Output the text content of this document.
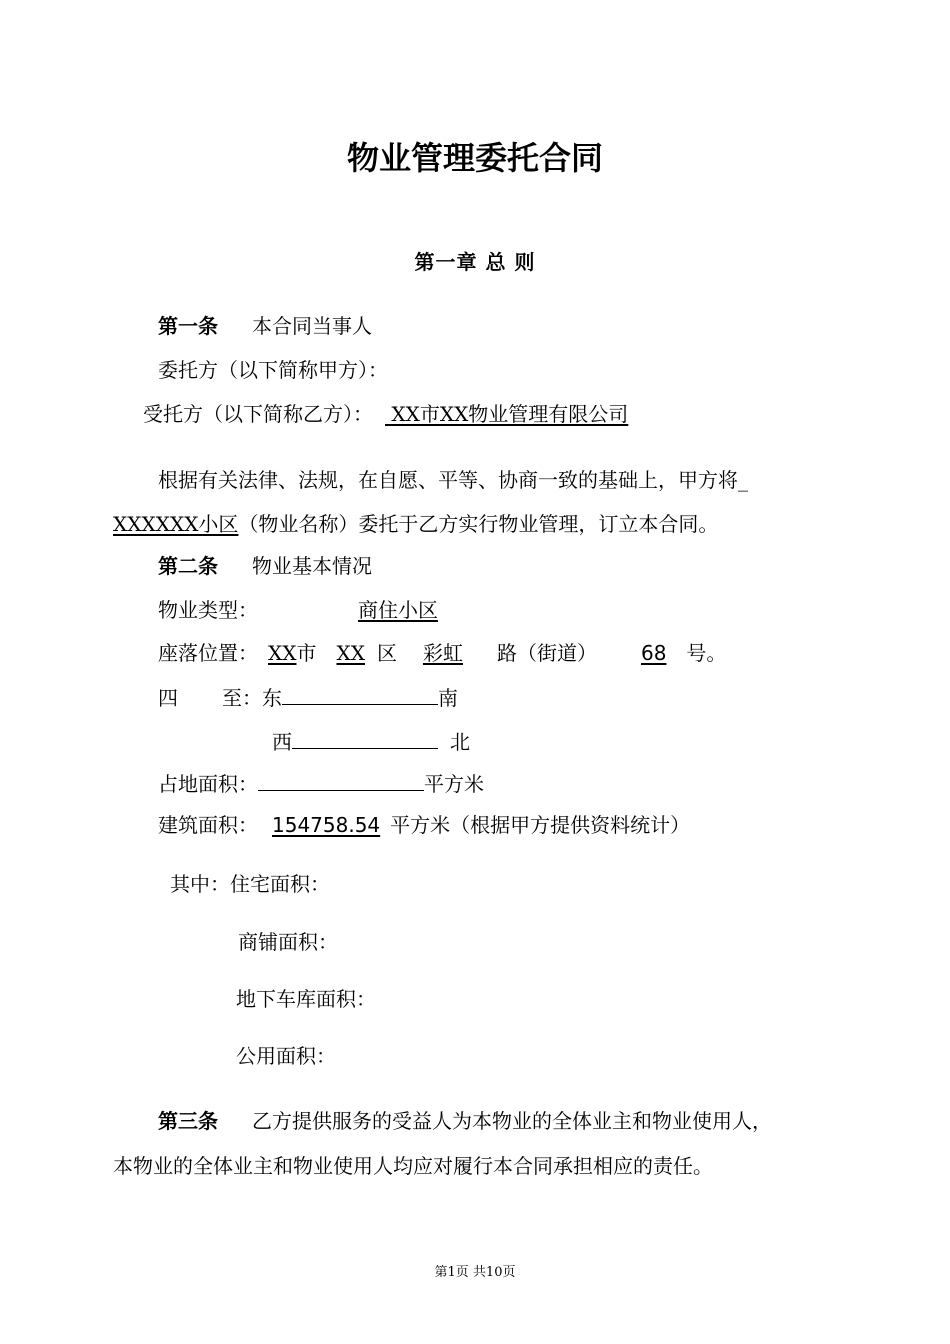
物业管理委托合同
第一章 总 则
第一条 本合同当事人
委托方（以下简称甲方）：
受托方（以下简称乙方）： XX市XX物业管理有限公司
根据有关法律、法规，在自愿、平等、协商一致的基础上，甲方将_
XXXXXX小区（物业名称）委托于乙方实行物业管理，订立本合同。
第二条 物业基本情况
物业类型：	商住小区
座落位置： XX市 XX 区 彩虹 路（街道） 68 号。
四 至：东	南
西	北
占地面积：	平方米
建筑面积： 154758.54 平方米（根据甲方提供资料统计）
其中：住宅面积：
商铺面积：
地下车库面积：
公用面积：
第三条 乙方提供服务的受益人为本物业的全体业主和物业使用人，
本物业的全体业主和物业使用人均应对履行本合同承担相应的责任。
第1页 共10页
